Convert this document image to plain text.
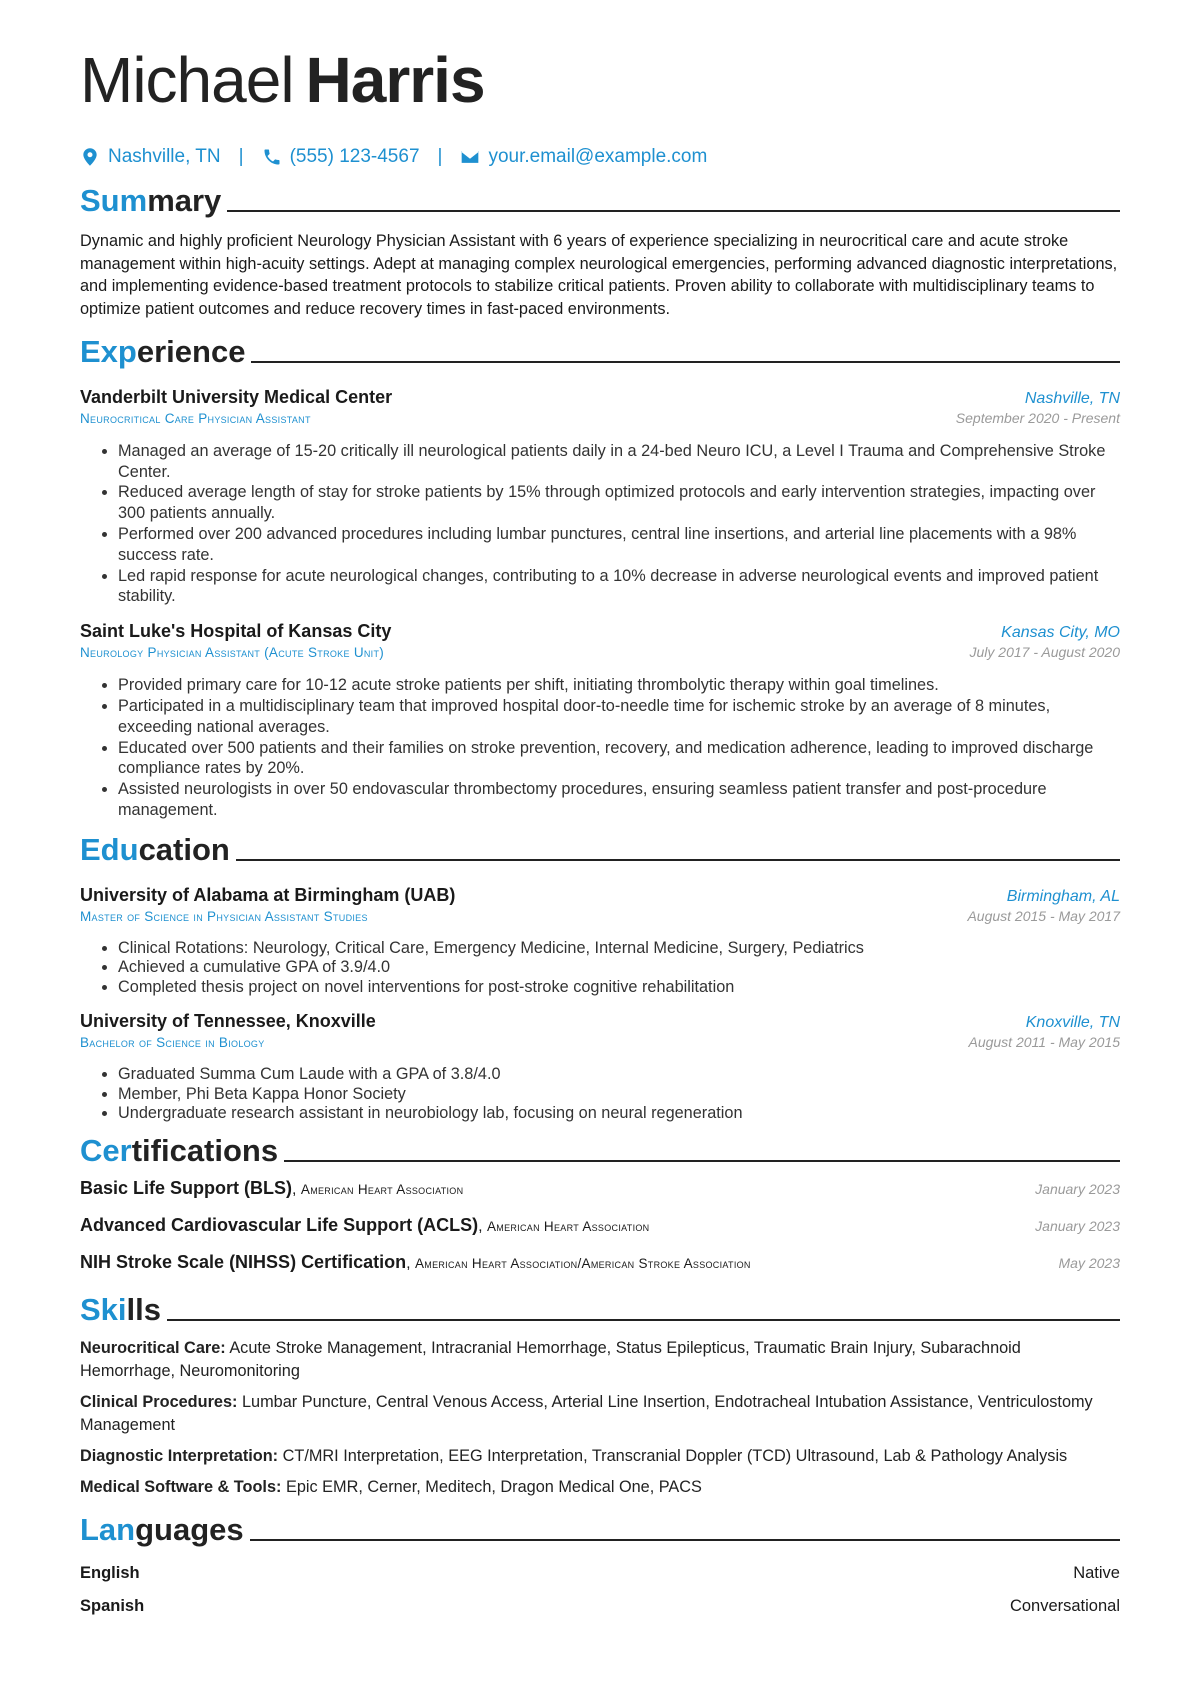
Michael Harris
Nashville, TN | (555) 123-4567 | your.email@example.com
Summary
Dynamic and highly proficient Neurology Physician Assistant with 6 years of experience specializing in neurocritical care and acute stroke management within high-acuity settings. Adept at managing complex neurological emergencies, performing advanced diagnostic interpretations, and implementing evidence-based treatment protocols to stabilize critical patients. Proven ability to collaborate with multidisciplinary teams to optimize patient outcomes and reduce recovery times in fast-paced environments.
Experience
Vanderbilt University Medical Center	Nashville, TN
Neurocritical Care Physician Assistant	September 2020 - Present
• Managed an average of 15-20 critically ill neurological patients daily in a 24-bed Neuro ICU, a Level I Trauma and Comprehensive Stroke Center.
• Reduced average length of stay for stroke patients by 15% through optimized protocols and early intervention strategies, impacting over 300 patients annually.
• Performed over 200 advanced procedures including lumbar punctures, central line insertions, and arterial line placements with a 98% success rate.
• Led rapid response for acute neurological changes, contributing to a 10% decrease in adverse neurological events and improved patient stability.
Saint Luke's Hospital of Kansas City	Kansas City, MO
Neurology Physician Assistant (Acute Stroke Unit)	July 2017 - August 2020
• Provided primary care for 10-12 acute stroke patients per shift, initiating thrombolytic therapy within goal timelines.
• Participated in a multidisciplinary team that improved hospital door-to-needle time for ischemic stroke by an average of 8 minutes, exceeding national averages.
• Educated over 500 patients and their families on stroke prevention, recovery, and medication adherence, leading to improved discharge compliance rates by 20%.
• Assisted neurologists in over 50 endovascular thrombectomy procedures, ensuring seamless patient transfer and post-procedure management.
Education
University of Alabama at Birmingham (UAB)	Birmingham, AL
Master of Science in Physician Assistant Studies	August 2015 - May 2017
• Clinical Rotations: Neurology, Critical Care, Emergency Medicine, Internal Medicine, Surgery, Pediatrics
• Achieved a cumulative GPA of 3.9/4.0
• Completed thesis project on novel interventions for post-stroke cognitive rehabilitation
University of Tennessee, Knoxville	Knoxville, TN
Bachelor of Science in Biology	August 2011 - May 2015
• Graduated Summa Cum Laude with a GPA of 3.8/4.0
• Member, Phi Beta Kappa Honor Society
• Undergraduate research assistant in neurobiology lab, focusing on neural regeneration
Certifications
Basic Life Support (BLS), American Heart Association	January 2023
Advanced Cardiovascular Life Support (ACLS), American Heart Association	January 2023
NIH Stroke Scale (NIHSS) Certification, American Heart Association/American Stroke Association	May 2023
Skills
Neurocritical Care: Acute Stroke Management, Intracranial Hemorrhage, Status Epilepticus, Traumatic Brain Injury, Subarachnoid Hemorrhage, Neuromonitoring
Clinical Procedures: Lumbar Puncture, Central Venous Access, Arterial Line Insertion, Endotracheal Intubation Assistance, Ventriculostomy Management
Diagnostic Interpretation: CT/MRI Interpretation, EEG Interpretation, Transcranial Doppler (TCD) Ultrasound, Lab & Pathology Analysis
Medical Software & Tools: Epic EMR, Cerner, Meditech, Dragon Medical One, PACS
Languages
English	Native
Spanish	Conversational
